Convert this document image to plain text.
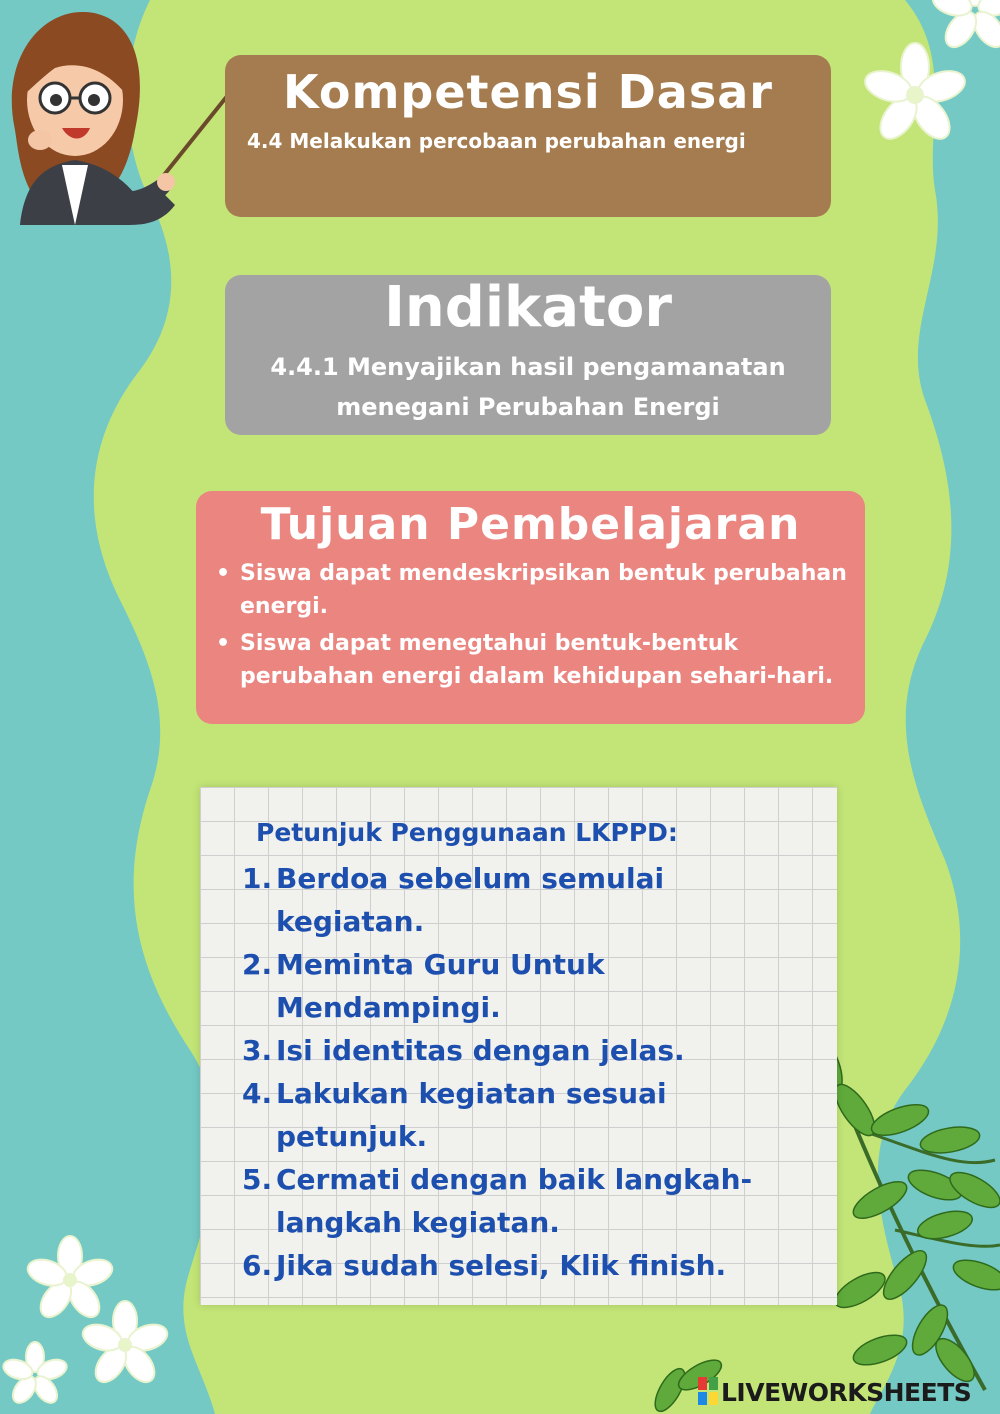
Kompetensi Dasar
4.4 Melakukan percobaan perubahan energi
Indikator
4.4.1 Menyajikan hasil pengamanatan
menegani Perubahan Energi
Tujuan Pembelajaran
• Siswa dapat mendeskripsikan bentuk perubahan energi.
• Siswa dapat menegtahui bentuk-bentuk perubahan energi dalam kehidupan sehari-hari.
Petunjuk Penggunaan LKPPD:
1. Berdoa sebelum semulai kegiatan.
2. Meminta Guru Untuk Mendampingi.
3. Isi identitas dengan jelas.
4. Lakukan kegiatan sesuai petunjuk.
5. Cermati dengan baik langkah-langkah kegiatan.
6. Jika sudah selesi, Klik finish.
LIVEWORKSHEETS
